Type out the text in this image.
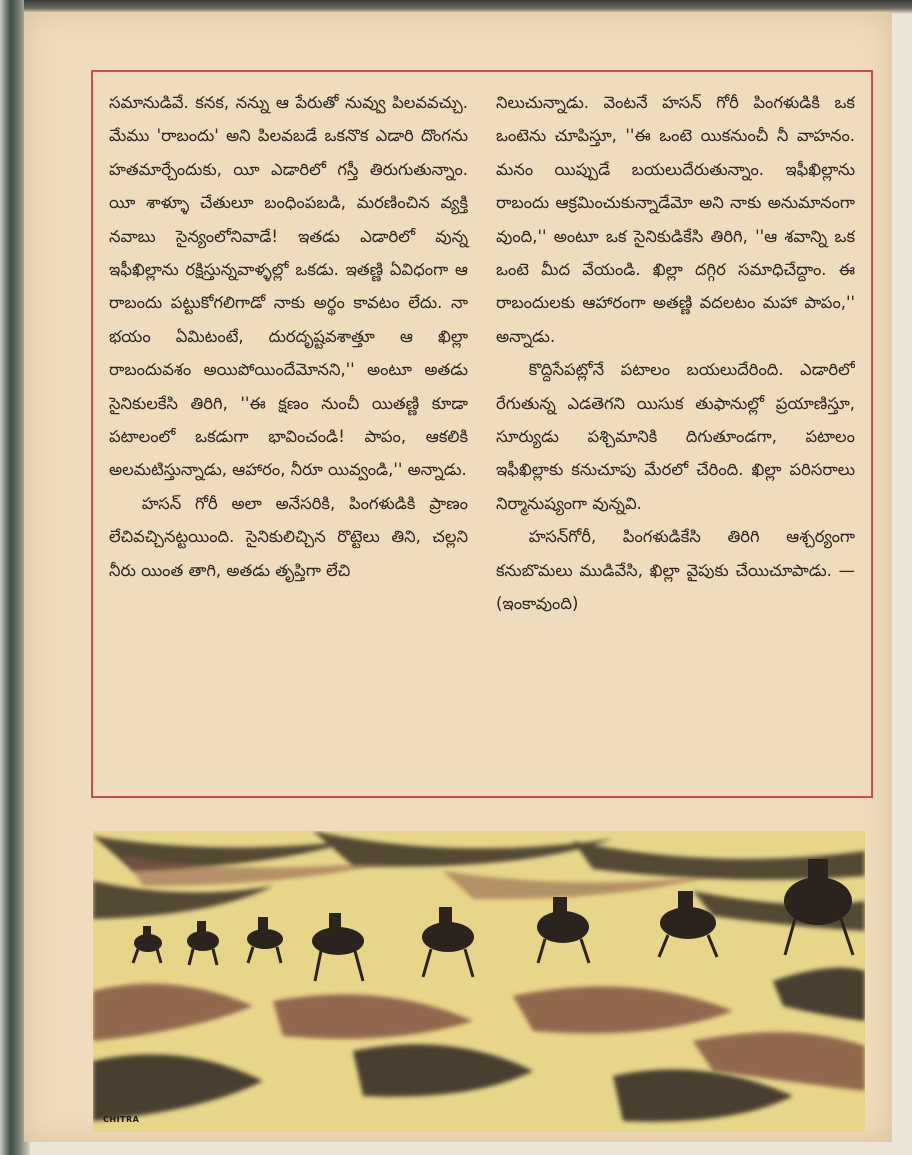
సమానుడివే. కనక, నన్ను ఆ పేరుతో నువ్వు పిలవవచ్చు. మేము 'రాబందు' అని పిలవబడే ఒకనొక ఎడారి దొంగను హతమార్చేందుకు, యీ ఎడారిలో గస్తీ తిరుగుతున్నాం. యీ శాళ్ళూ చేతులూ బంధింపబడి, మరణించిన వ్యక్తి నవాబు సైన్యంలోనివాడే! ఇతడు ఎడారిలో వున్న ఇఫీఖిల్లాను రక్షిస్తున్నవాళ్ళల్లో ఒకడు. ఇతణ్ణి ఏవిధంగా ఆ రాబందు పట్టుకోగలిగాడో నాకు అర్థం కావటం లేదు. నా భయం ఏమిటంటే, దురదృష్టవశాత్తూ ఆ ఖిల్లా రాబందువశం అయిపోయిందేమోనని,'' అంటూ అతడు సైనికులకేసి తిరిగి, ''ఈ క్షణం నుంచీ యితణ్ణి కూడా పటాలంలో ఒకడుగా భావించండి! పాపం, ఆకలికి అలమటిస్తున్నాడు, ఆహారం, నీరూ యివ్వండి,'' అన్నాడు.

హసన్ గోరీ అలా అనేసరికి, పింగళుడికి ప్రాణం లేచివచ్చినట్టయింది. సైనికులిచ్చిన రొట్టెలు తిని, చల్లని నీరు యింత తాగి, అతడు తృప్తిగా లేచి

నిలుచున్నాడు. వెంటనే హసన్ గోరీ పింగళుడికి ఒక ఒంటెను చూపిస్తూ, ''ఈ ఒంటె యికనుంచీ నీ వాహనం. మనం యిప్పుడే బయలుదేరుతున్నాం. ఇఫీఖిల్లాను రాబందు ఆక్రమించుకున్నాడేమో అని నాకు అనుమానంగా వుంది,'' అంటూ ఒక సైనికుడికేసి తిరిగి, ''ఆ శవాన్ని ఒక ఒంటె మీద వేయండి. ఖిల్లా దగ్గిర సమాధిచేద్దాం. ఈ రాబందులకు ఆహారంగా అతణ్ణి వదలటం మహా పాపం,'' అన్నాడు.

కొద్దిసేపట్లోనే పటాలం బయలుదేరింది. ఎడారిలో రేగుతున్న ఎడతెగని యిసుక తుఫానుల్లో ప్రయాణిస్తూ, సూర్యుడు పశ్చిమానికి దిగుతూండగా, పటాలం ఇఫీఖిల్లాకు కనుచూపు మేరలో చేరింది. ఖిల్లా పరిసరాలు నిర్మానుష్యంగా వున్నవి.

హసన్‌గోరీ, పింగళుడికేసి తిరిగి ఆశ్చర్యంగా కనుబొమలు ముడివేసి, ఖిల్లా వైపుకు చేయిచూపాడు. —(ఇంకావుంది)

CHITRA
